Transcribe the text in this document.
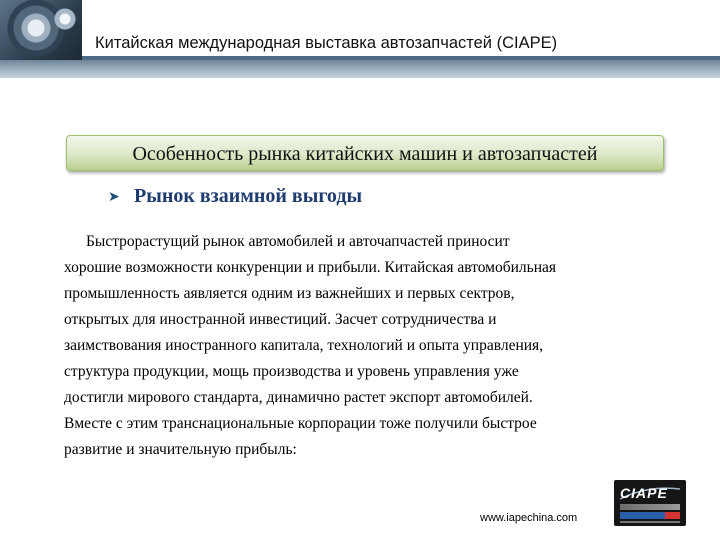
Китайская международная выставка автозапчастей (CIAPE)
Особенность рынка китайских машин и автозапчастей
➤ Рынок взаимной выгоды
Быстрорастущий рынок автомобилей и авточапчастей приносит
хорошие возможности конкуренции и прибыли. Китайская автомобильная
промышленность аявляется одним из важнейших и первых сектров,
открытых для иностранной инвестиций. Засчет сотрудничества и
заимствования иностранного капитала, технологий и опыта управления,
структура продукции, мощь производства и уровень управления уже
достигли мирового стандарта, динамично растет экспорт автомобилей.
Вместе с этим транснациональные корпорации тоже получили быстрое
развитие и значительную прибыль:
CIAPE
www.iapechina.com
